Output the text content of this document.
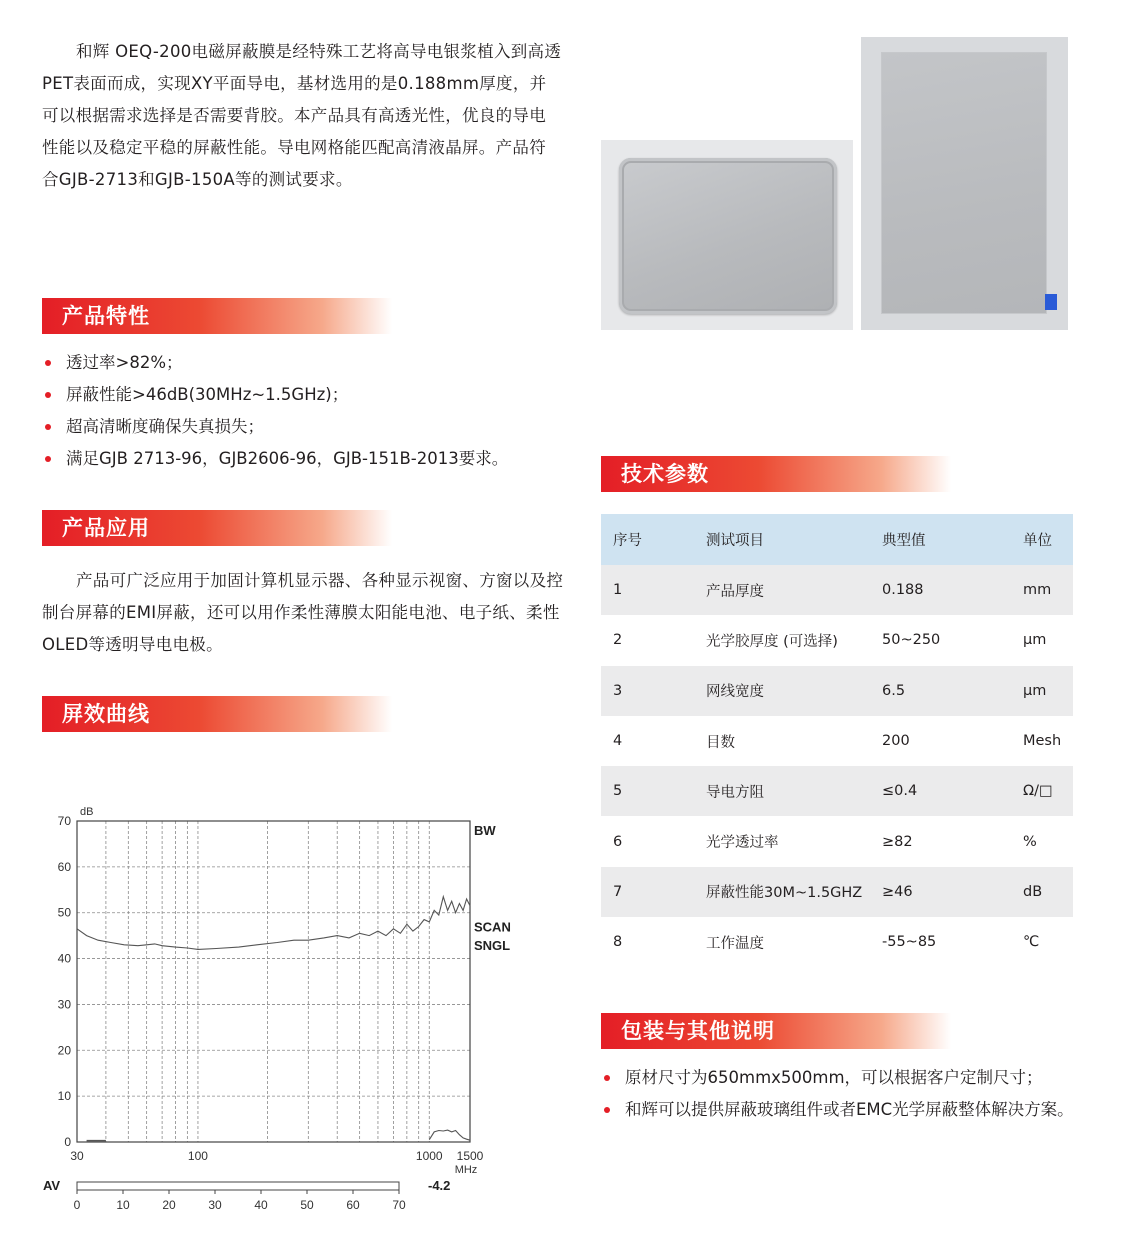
和辉 OEQ-200电磁屏蔽膜是经特殊工艺将高导电银浆植入到高透PET表面而成，实现XY平面导电，基材选用的是0.188mm厚度，并可以根据需求选择是否需要背胶。本产品具有高透光性，优良的导电性能以及稳定平稳的屏蔽性能。导电网格能匹配高清液晶屏。产品符合GJB-2713和GJB-150A等的测试要求。

产品特性
透过率>82%；
屏蔽性能>46dB(30MHz~1.5GHz)；
超高清晰度确保失真损失；
满足GJB 2713-96，GJB2606-96，GJB-151B-2013要求。
产品应用

产品可广泛应用于加固计算机显示器、各种显示视窗、方窗以及控制台屏幕的EMI屏蔽，还可以用作柔性薄膜太阳能电池、电子纸、柔性OLED等透明导电电极。

屏效曲线
0
10
20
30
40
50
60
70
30	100	1000 1500
dB
MHz
BW
SCAN
SNGL
AV
0	10	20	30	40	50	60	70
-4.2
技术参数
序号	测试项目	典型值	单位
1	产品厚度	0.188	mm
2	光学胶厚度 (可选择)	50~250	μm
3	网线宽度	6.5	μm
4	目数	200	Mesh
5	导电方阻	≤0.4	Ω/□
6	光学透过率	≥82	%
7	屏蔽性能30M~1.5GHZ	≥46	dB
8	工作温度	-55~85	℃
包装与其他说明
原材尺寸为650mmx500mm，可以根据客户定制尺寸；
和辉可以提供屏蔽玻璃组件或者EMC光学屏蔽整体解决方案。
